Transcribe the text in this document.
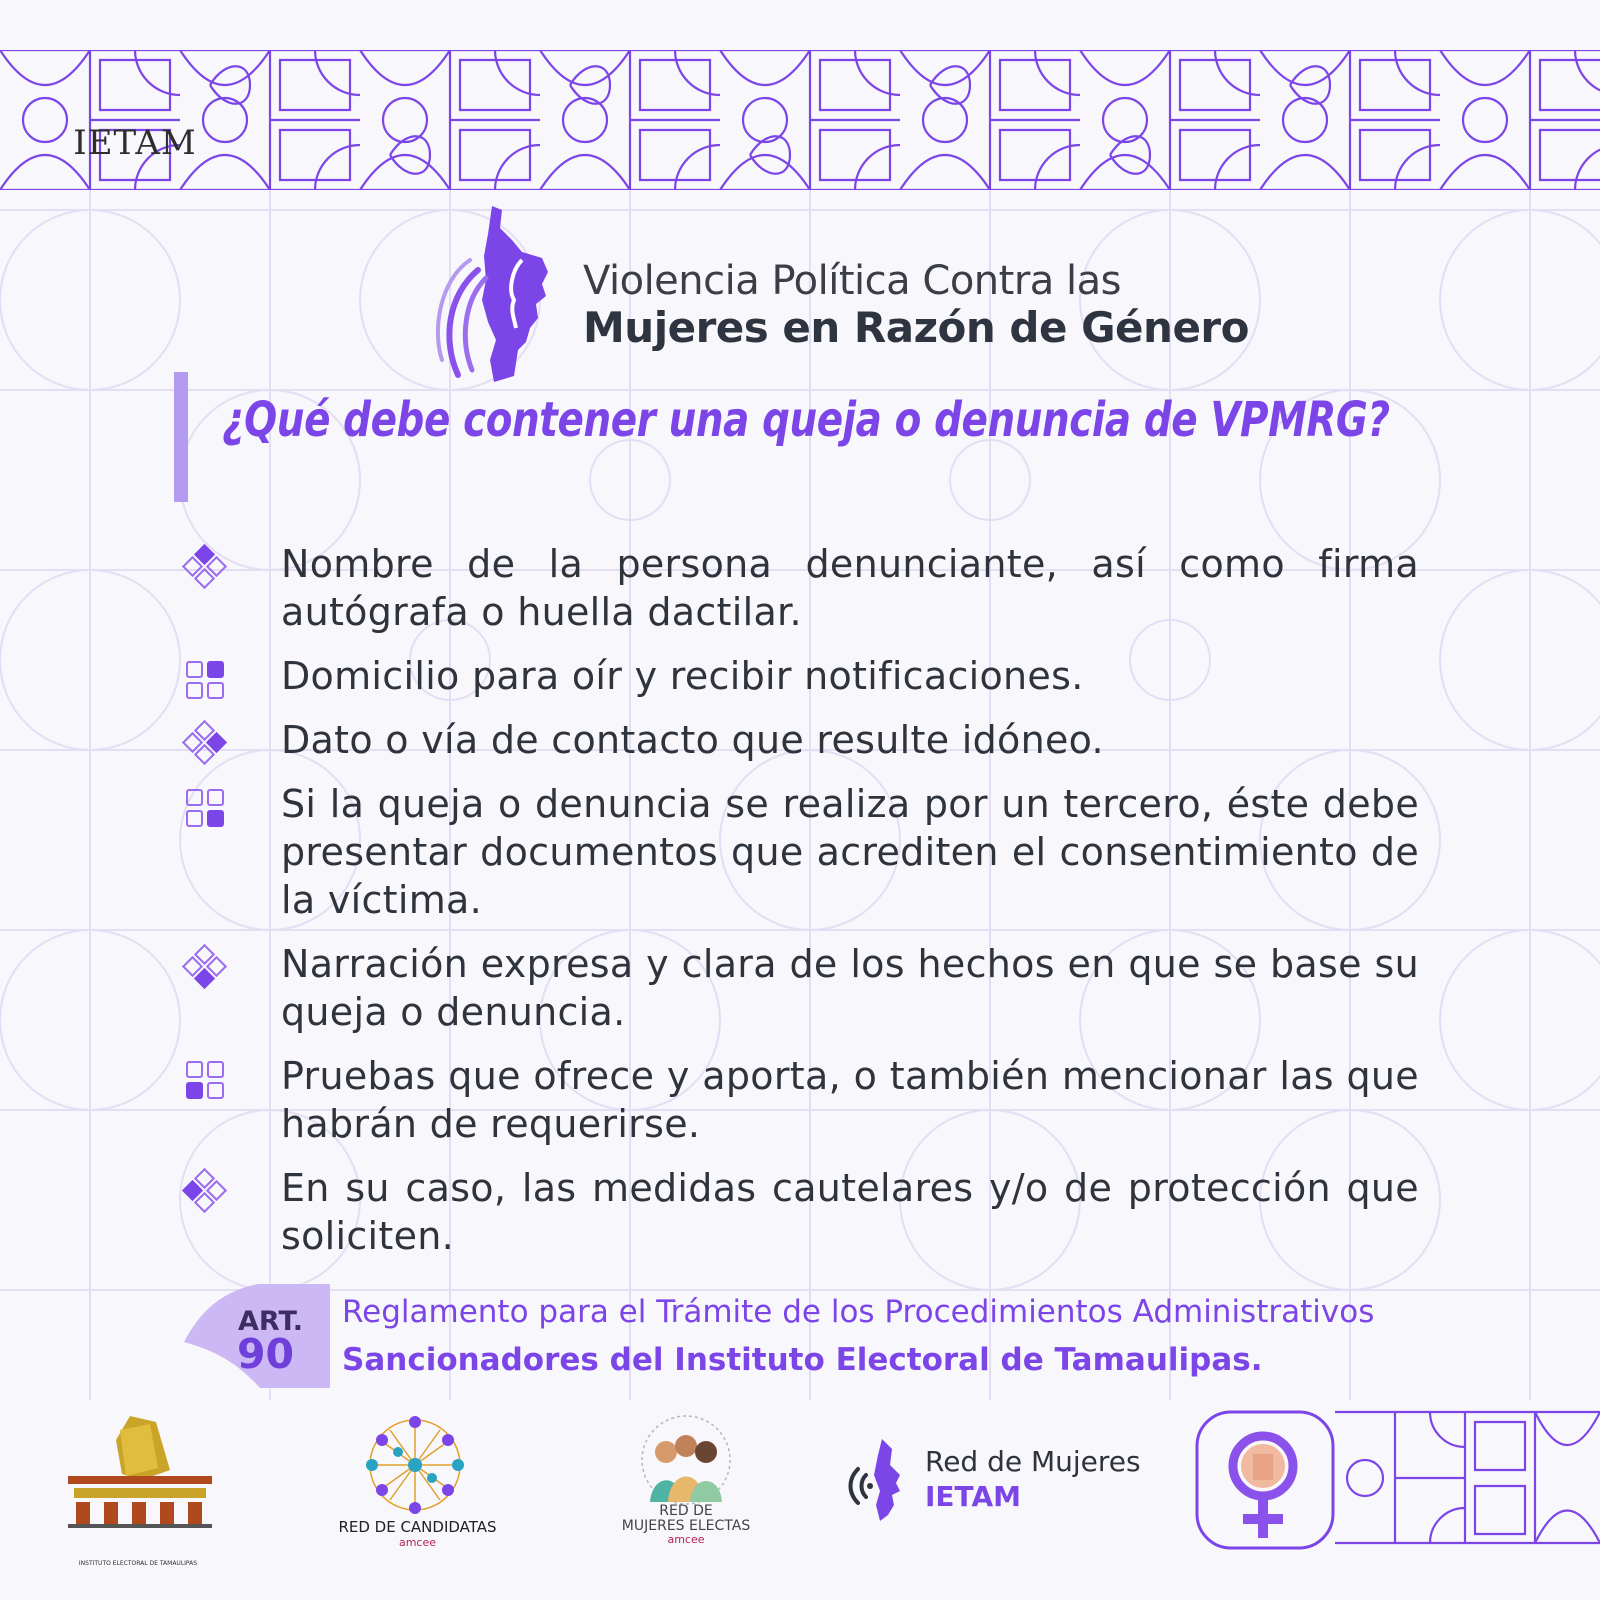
Violencia Política Contra las
Mujeres en Razón de Género
¿Qué debe contener una queja o denuncia de VPMRG?
Nombre de la persona denunciante, así como firma autógrafa o huella dactilar.
Domicilio para oír y recibir notificaciones.
Dato o vía de contacto que resulte idóneo.
Si la queja o denuncia se realiza por un tercero, éste debe presentar documentos que acrediten el consentimiento de la víctima.
Narración expresa y clara de los hechos en que se base su queja o denuncia.
Pruebas que ofrece y aporta, o también mencionar las que habrán de requerirse.
En su caso, las medidas cautelares y/o de protección que soliciten.
ART.
90
Reglamento para el Trámite de los Procedimientos Administrativos
Sancionadores del Instituto Electoral de Tamaulipas.
IETAM
INSTITUTO ELECTORAL DE TAMAULIPAS
RED DE CANDIDATAS
amcee
RED DE
MUJERES ELECTAS
amcee
Red de Mujeres
IETAM
